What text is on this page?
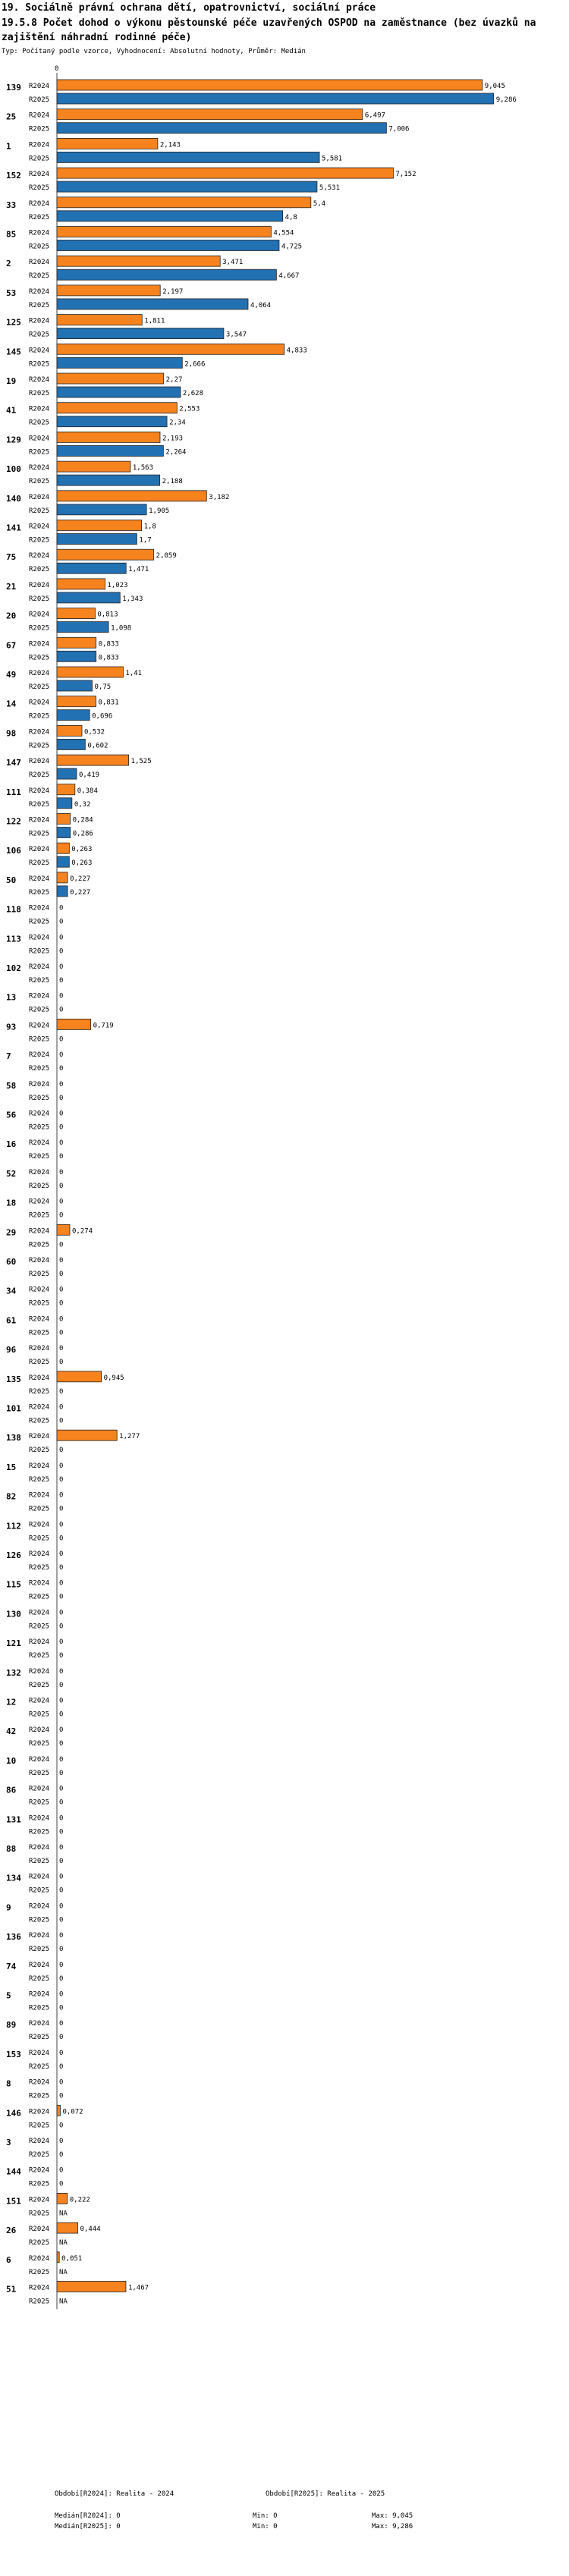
19. Sociálně právní ochrana dětí, opatrovnictví, sociální práce
19.5.8 Počet dohod o výkonu pěstounské péče uzavřených OSPOD na zaměstnance (bez úvazků na zajištění náhradní rodinné péče)
Typ: Počítaný podle vzorce, Vyhodnocení: Absolutní hodnoty, Průměr: Medián
0
139 R2024	9,045
R2025	9,286
25 R2024	6,497
R2025	7,006
1	R2024	2,143
R2025	5,581
152 R2024	7,152
R2025	5,531
33 R2024	5,4
R2025	4,8
85 R2024	4,554
R2025	4,725
2	R2024	3,471
R2025	4,667
53 R2024	2,197
R2025	4,064
125 R2024	1,811
R2025	3,547
145 R2024	4,833
R2025	2,666
19 R2024	2,27
R2025	2,628
41 R2024	2,553
R2025	2,34
129 R2024	2,193
R2025	2,264
100 R2024	1,563
R2025	2,188
140 R2024	3,182
R2025	1,905
141 R2024	1,8
R2025	1,7
75 R2024	2,059
R2025	1,471
21 R2024	1,023
R2025	1,343
20 R2024	0,813
R2025	1,098
67 R2024	0,833
R2025	0,833
49 R2024	1,41
R2025	0,75
14 R2024	0,831
R2025	0,696
98 R2024	0,532
R2025	0,602
147 R2024	1,525
R2025	0,419
111 R2024	0,384
R2025	0,32
122 R2024	0,284
R2025	0,286
106 R2024	0,263
R2025	0,263
50 R2024	0,227
R2025	0,227
118 R2024 0
R2025 0
113 R2024 0
R2025 0
102 R2024 0
R2025 0
13 R2024 0
R2025 0
93 R2024	0,719
R2025 0
7	R2024 0
R2025 0
58 R2024 0
R2025 0
56 R2024 0
R2025 0
16 R2024 0
R2025 0
52 R2024 0
R2025 0
18 R2024 0
R2025 0
29 R2024	0,274
R2025 0
60 R2024 0
R2025 0
34 R2024 0
R2025 0
61 R2024 0
R2025 0
96 R2024 0
R2025 0
135 R2024	0,945
R2025 0
101 R2024 0
R2025 0
138 R2024	1,277
R2025 0
15 R2024 0
R2025 0
82 R2024 0
R2025 0
112 R2024 0
R2025 0
126 R2024 0
R2025 0
115 R2024 0
R2025 0
130 R2024 0
R2025 0
121 R2024 0
R2025 0
132 R2024 0
R2025 0
12 R2024 0
R2025 0
42 R2024 0
R2025 0
10 R2024 0
R2025 0
86 R2024 0
R2025 0
131 R2024 0
R2025 0
88 R2024 0
R2025 0
134 R2024 0
R2025 0
9	R2024 0
R2025 0
136 R2024 0
R2025 0
74 R2024 0
R2025 0
5	R2024 0
R2025 0
89 R2024 0
R2025 0
153 R2024 0
R2025 0
8	R2024 0
R2025 0
146 R2024 0,072
R2025 0
3	R2024 0
R2025 0
144 R2024 0
R2025 0
151 R2024	0,222
R2025 NA
26 R2024	0,444
R2025 NA
6	R2024 0,051
R2025 NA
51 R2024	1,467
R2025 NA
Období[R2024]: Realita - 2024	Období[R2025]: Realita - 2025
Medián[R2024]: 0	Min: 0	Max: 9,045
Medián[R2025]: 0	Min: 0	Max: 9,286
